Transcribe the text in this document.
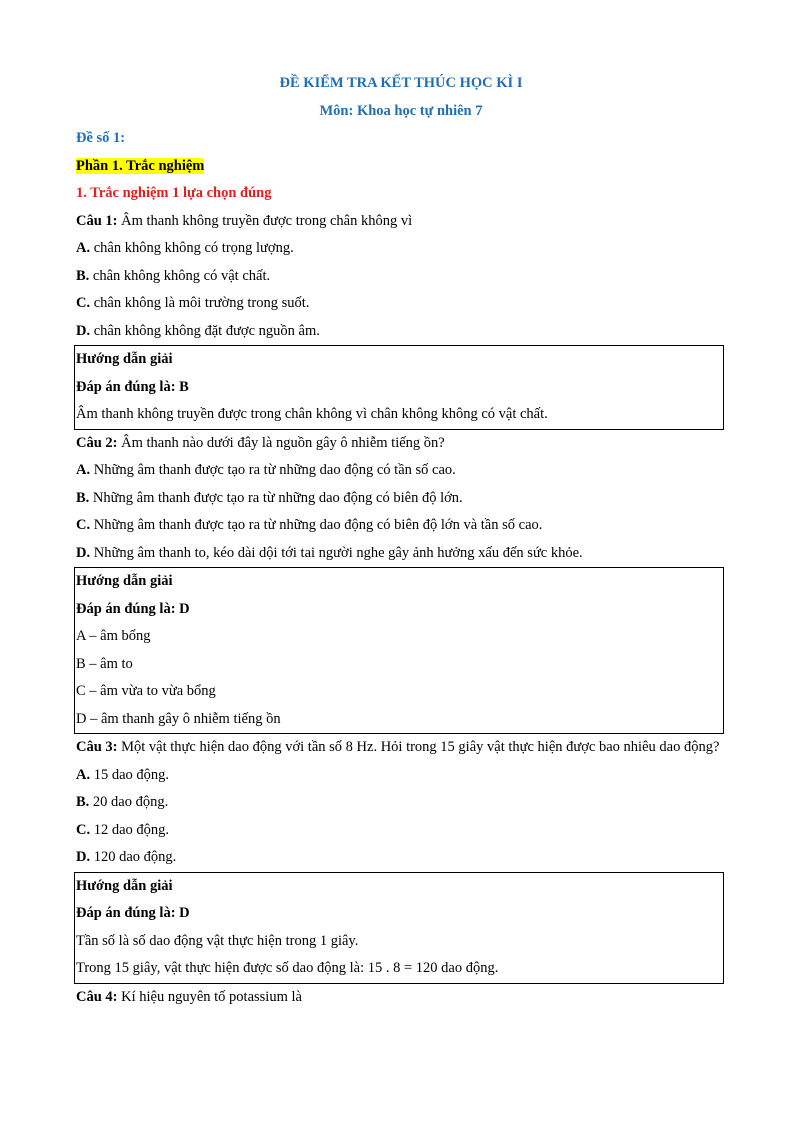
ĐỀ KIỂM TRA KẾT THÚC HỌC KÌ I
Môn: Khoa học tự nhiên 7
Đề số 1:
Phần 1. Trắc nghiệm
1. Trắc nghiệm 1 lựa chọn đúng
Câu 1: Âm thanh không truyền được trong chân không vì
A. chân không không có trọng lượng.
B. chân không không có vật chất.
C. chân không là môi trường trong suốt.
D. chân không không đặt được nguồn âm.
Hướng dẫn giải
Đáp án đúng là: B
Âm thanh không truyền được trong chân không vì chân không không có vật chất.
Câu 2: Âm thanh nào dưới đây là nguồn gây ô nhiễm tiếng ồn?
A. Những âm thanh được tạo ra từ những dao động có tần số cao.
B. Những âm thanh được tạo ra từ những dao động có biên độ lớn.
C. Những âm thanh được tạo ra từ những dao động có biên độ lớn và tần số cao.
D. Những âm thanh to, kéo dài dội tới tai người nghe gây ảnh hưởng xấu đến sức khỏe.
Hướng dẫn giải
Đáp án đúng là: D
A – âm bổng
B – âm to
C – âm vừa to vừa bổng
D – âm thanh gây ô nhiễm tiếng ồn
Câu 3: Một vật thực hiện dao động với tần số 8 Hz. Hỏi trong 15 giây vật thực hiện được bao nhiêu dao động?
A. 15 dao động.
B. 20 dao động.
C. 12 dao động.
D. 120 dao động.
Hướng dẫn giải
Đáp án đúng là: D
Tần số là số dao động vật thực hiện trong 1 giây.
Trong 15 giây, vật thực hiện được số dao động là: 15 . 8 = 120 dao động.
Câu 4: Kí hiệu nguyên tố potassium là
